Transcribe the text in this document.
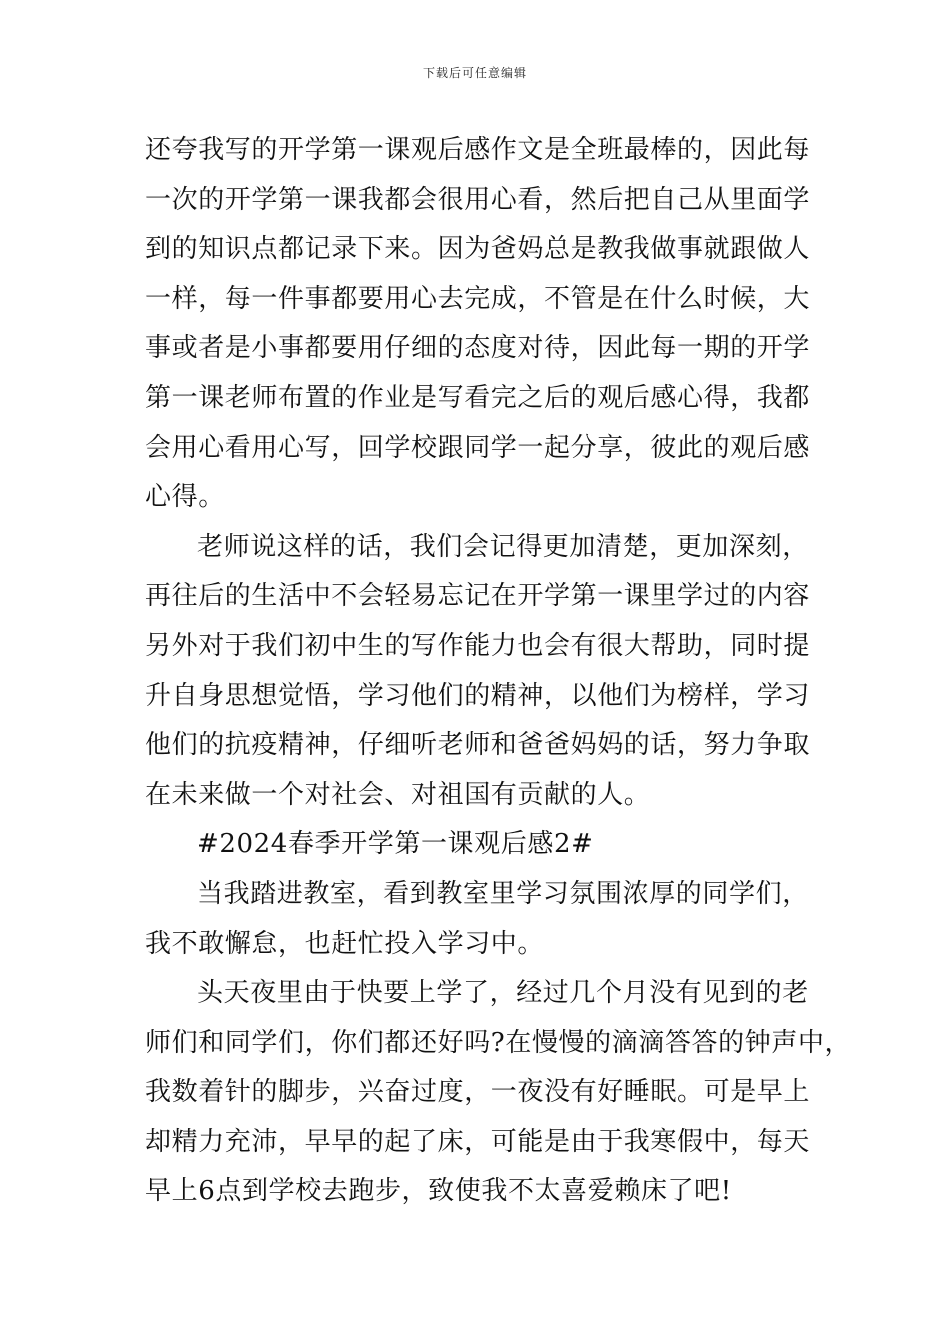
下载后可任意编辑
还夸我写的开学第一课观后感作文是全班最棒的，因此每
一次的开学第一课我都会很用心看，然后把自己从里面学
到的知识点都记录下来。因为爸妈总是教我做事就跟做人
一样，每一件事都要用心去完成，不管是在什么时候，大
事或者是小事都要用仔细的态度对待，因此每一期的开学
第一课老师布置的作业是写看完之后的观后感心得，我都
会用心看用心写，回学校跟同学一起分享，彼此的观后感
心得。
老师说这样的话，我们会记得更加清楚，更加深刻，
再往后的生活中不会轻易忘记在开学第一课里学过的内容
另外对于我们初中生的写作能力也会有很大帮助，同时提
升自身思想觉悟，学习他们的精神，以他们为榜样，学习
他们的抗疫精神，仔细听老师和爸爸妈妈的话，努力争取
在未来做一个对社会、对祖国有贡献的人。
#2024春季开学第一课观后感2#
当我踏进教室，看到教室里学习氛围浓厚的同学们，
我不敢懈怠，也赶忙投入学习中。
头天夜里由于快要上学了，经过几个月没有见到的老
师们和同学们，你们都还好吗?在慢慢的滴滴答答的钟声中，
我数着针的脚步，兴奋过度，一夜没有好睡眠。可是早上
却精力充沛，早早的起了床，可能是由于我寒假中，每天
早上6点到学校去跑步，致使我不太喜爱赖床了吧!
